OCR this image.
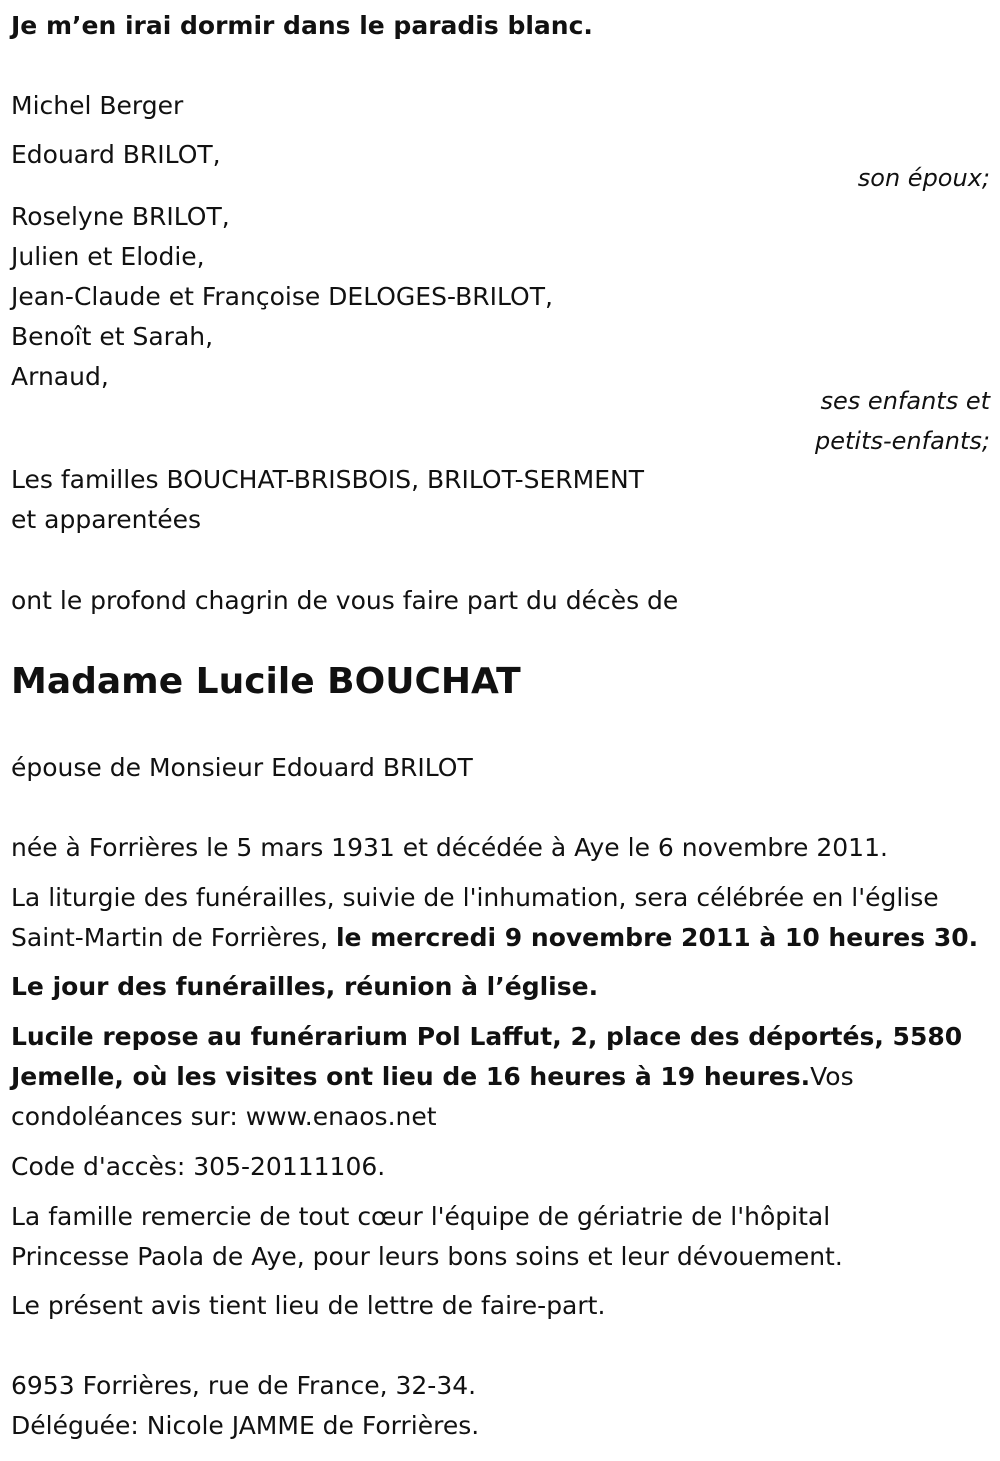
Je m’en irai dormir dans le paradis blanc.
Michel Berger
Edouard BRILOT,
son époux;
Roselyne BRILOT,
Julien et Elodie,
Jean-Claude et Françoise DELOGES-BRILOT,
Benoît et Sarah,
Arnaud,
ses enfants et
petits-enfants;
Les familles BOUCHAT-BRISBOIS, BRILOT-SERMENT
et apparentées
ont le profond chagrin de vous faire part du décès de
Madame Lucile BOUCHAT
épouse de Monsieur Edouard BRILOT
née à Forrières le 5 mars 1931 et décédée à Aye le 6 novembre 2011.
La liturgie des funérailles, suivie de l'inhumation, sera célébrée en l'église
Saint-Martin de Forrières, le mercredi 9 novembre 2011 à 10 heures 30.
Le jour des funérailles, réunion à l’église.
Lucile repose au funérarium Pol Laffut, 2, place des déportés, 5580
Jemelle, où les visites ont lieu de 16 heures à 19 heures.Vos
condoléances sur: www.enaos.net
Code d'accès: 305-20111106.
La famille remercie de tout cœur l'équipe de gériatrie de l'hôpital
Princesse Paola de Aye, pour leurs bons soins et leur dévouement.
Le présent avis tient lieu de lettre de faire-part.
6953 Forrières, rue de France, 32-34.
Déléguée: Nicole JAMME de Forrières.
